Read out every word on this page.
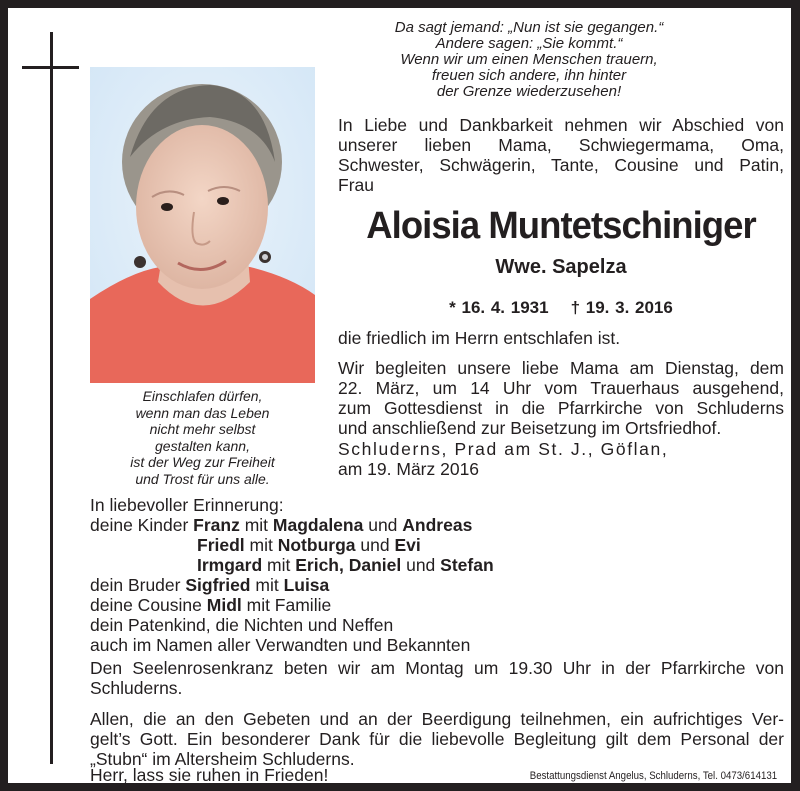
Da sagt jemand: „Nun ist sie gegangen.“
Andere sagen: „Sie kommt.“
Wenn wir um einen Menschen trauern,
freuen sich andere, ihn hinter
der Grenze wiederzusehen!
In Liebe und Dankbarkeit nehmen wir Abschied von
unserer lieben Mama, Schwiegermama, Oma,
Schwester, Schwägerin, Tante, Cousine und Patin,
Frau
Aloisia Muntetschiniger
Wwe. Sapelza
* 16. 4. 1931 † 19. 3. 2016
die friedlich im Herrn entschlafen ist.
Wir begleiten unsere liebe Mama am Dienstag, dem
22. März, um 14 Uhr vom Trauerhaus ausgehend,
zum Gottesdienst in die Pfarrkirche von Schluderns
und anschließend zur Beisetzung im Ortsfriedhof.
Schluderns, Prad am St. J., Göflan,
am 19. März 2016
Einschlafen dürfen,
wenn man das Leben
nicht mehr selbst
gestalten kann,
ist der Weg zur Freiheit
und Trost für uns alle.
In liebevoller Erinnerung:
deine Kinder Franz mit Magdalena und Andreas
Friedl mit Notburga und Evi
Irmgard mit Erich, Daniel und Stefan
dein Bruder Sigfried mit Luisa
deine Cousine Midl mit Familie
dein Patenkind, die Nichten und Neffen
auch im Namen aller Verwandten und Bekannten
Den Seelenrosenkranz beten wir am Montag um 19.30 Uhr in der Pfarrkirche von
Schluderns.
Allen, die an den Gebeten und an der Beerdigung teilnehmen, ein aufrichtiges Ver-
gelt’s Gott. Ein besonderer Dank für die liebevolle Begleitung gilt dem Personal der
„Stubn“ im Altersheim Schluderns.
Herr, lass sie ruhen in Frieden!	Bestattungsdienst Angelus, Schluderns, Tel. 0473/614131
